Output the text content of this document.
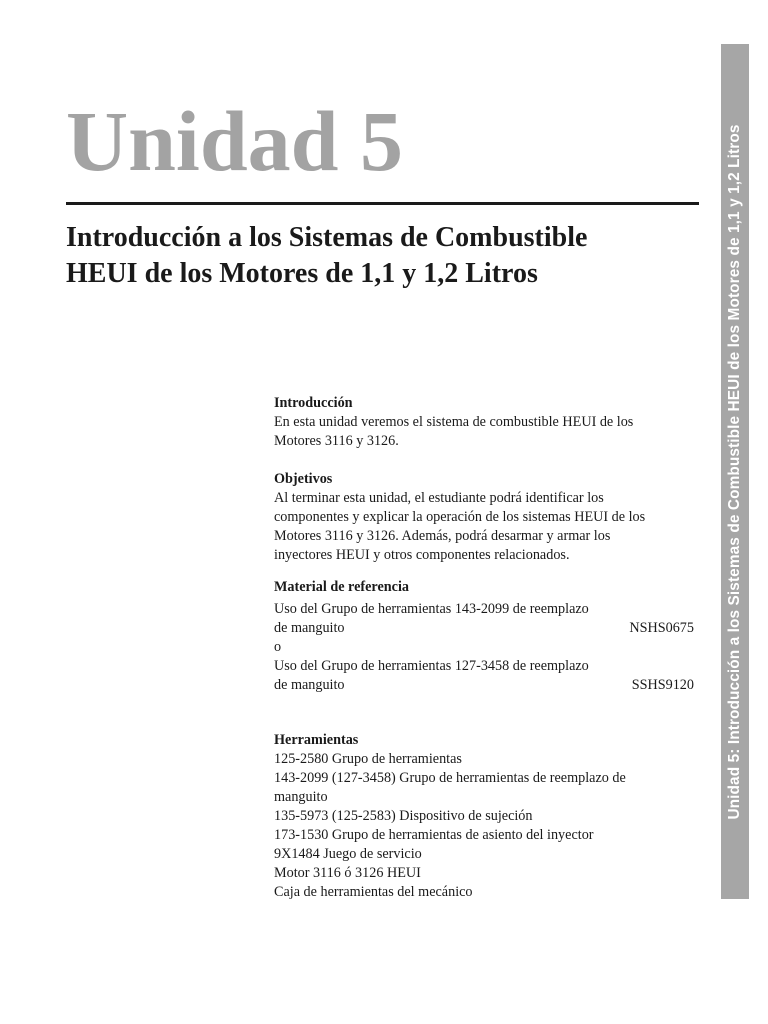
Unidad 5
Introducción a los Sistemas de Combustible
HEUI de los Motores de 1,1 y 1,2 Litros	Unidad 5: Introducción a los Sistemas de Combustible HEUI de los Motores de 1,1 y 1,2 Litros
Introducción
En esta unidad veremos el sistema de combustible HEUI de los
Motores 3116 y 3126.
Objetivos
Al terminar esta unidad, el estudiante podrá identificar los
componentes y explicar la operación de los sistemas HEUI de los
Motores 3116 y 3126. Además, podrá desarmar y armar los
inyectores HEUI y otros componentes relacionados.
Material de referencia
Uso del Grupo de herramientas 143-2099 de reemplazo
de manguito	NSHS0675
o
Uso del Grupo de herramientas 127-3458 de reemplazo
de manguito	SSHS9120
Herramientas
125-2580 Grupo de herramientas
143-2099 (127-3458) Grupo de herramientas de reemplazo de
manguito
135-5973 (125-2583) Dispositivo de sujeción
173-1530 Grupo de herramientas de asiento del inyector
9X1484 Juego de servicio
Motor 3116 ó 3126 HEUI
Caja de herramientas del mecánico
